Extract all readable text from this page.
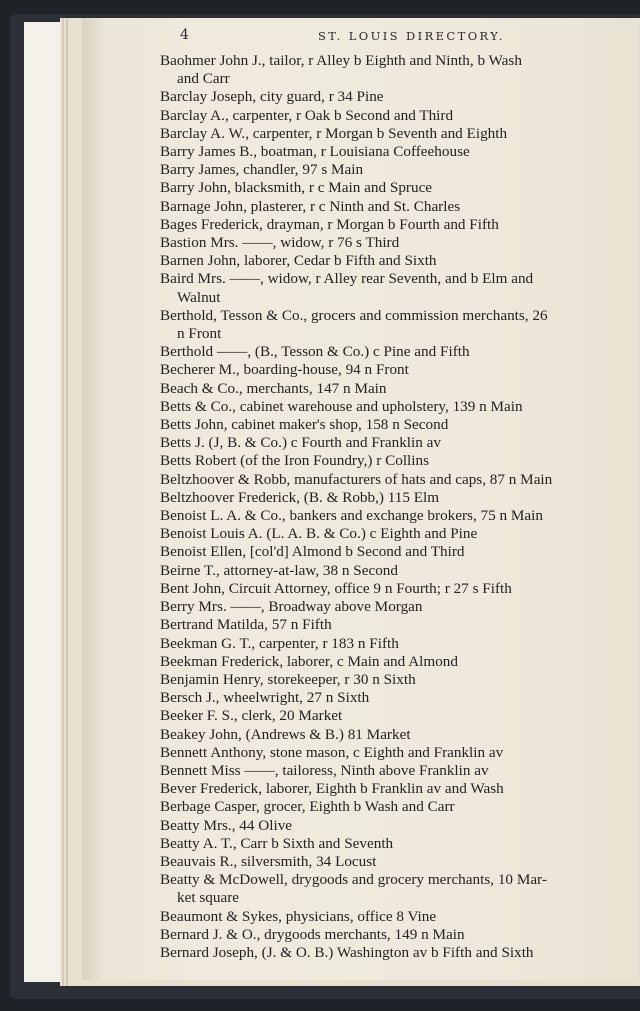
4	ST. LOUIS DIRECTORY.
Baohmer John J., tailor, r Alley b Eighth and Ninth, b Wash
and Carr
Barclay Joseph, city guard, r 34 Pine
Barclay A., carpenter, r Oak b Second and Third
Barclay A. W., carpenter, r Morgan b Seventh and Eighth
Barry James B., boatman, r Louisiana Coffeehouse
Barry James, chandler, 97 s Main
Barry John, blacksmith, r c Main and Spruce
Barnage John, plasterer, r c Ninth and St. Charles
Bages Frederick, drayman, r Morgan b Fourth and Fifth
Bastion Mrs. ——, widow, r 76 s Third
Barnen John, laborer, Cedar b Fifth and Sixth
Baird Mrs. ——, widow, r Alley rear Seventh, and b Elm and
Walnut
Berthold, Tesson & Co., grocers and commission merchants, 26
n Front
Berthold ——, (B., Tesson & Co.) c Pine and Fifth
Becherer M., boarding-house, 94 n Front
Beach & Co., merchants, 147 n Main
Betts & Co., cabinet warehouse and upholstery, 139 n Main
Betts John, cabinet maker's shop, 158 n Second
Betts J. (J, B. & Co.) c Fourth and Franklin av
Betts Robert (of the Iron Foundry,) r Collins
Beltzhoover & Robb, manufacturers of hats and caps, 87 n Main
Beltzhoover Frederick, (B. & Robb,) 115 Elm
Benoist L. A. & Co., bankers and exchange brokers, 75 n Main
Benoist Louis A. (L. A. B. & Co.) c Eighth and Pine
Benoist Ellen, [col'd] Almond b Second and Third
Beirne T., attorney-at-law, 38 n Second
Bent John, Circuit Attorney, office 9 n Fourth; r 27 s Fifth
Berry Mrs. ——, Broadway above Morgan
Bertrand Matilda, 57 n Fifth
Beekman G. T., carpenter, r 183 n Fifth
Beekman Frederick, laborer, c Main and Almond
Benjamin Henry, storekeeper, r 30 n Sixth
Bersch J., wheelwright, 27 n Sixth
Beeker F. S., clerk, 20 Market
Beakey John, (Andrews & B.) 81 Market
Bennett Anthony, stone mason, c Eighth and Franklin av
Bennett Miss ——, tailoress, Ninth above Franklin av
Bever Frederick, laborer, Eighth b Franklin av and Wash
Berbage Casper, grocer, Eighth b Wash and Carr
Beatty Mrs., 44 Olive
Beatty A. T., Carr b Sixth and Seventh
Beauvais R., silversmith, 34 Locust
Beatty & McDowell, drygoods and grocery merchants, 10 Mar-
ket square
Beaumont & Sykes, physicians, office 8 Vine
Bernard J. & O., drygoods merchants, 149 n Main
Bernard Joseph, (J. & O. B.) Washington av b Fifth and Sixth
